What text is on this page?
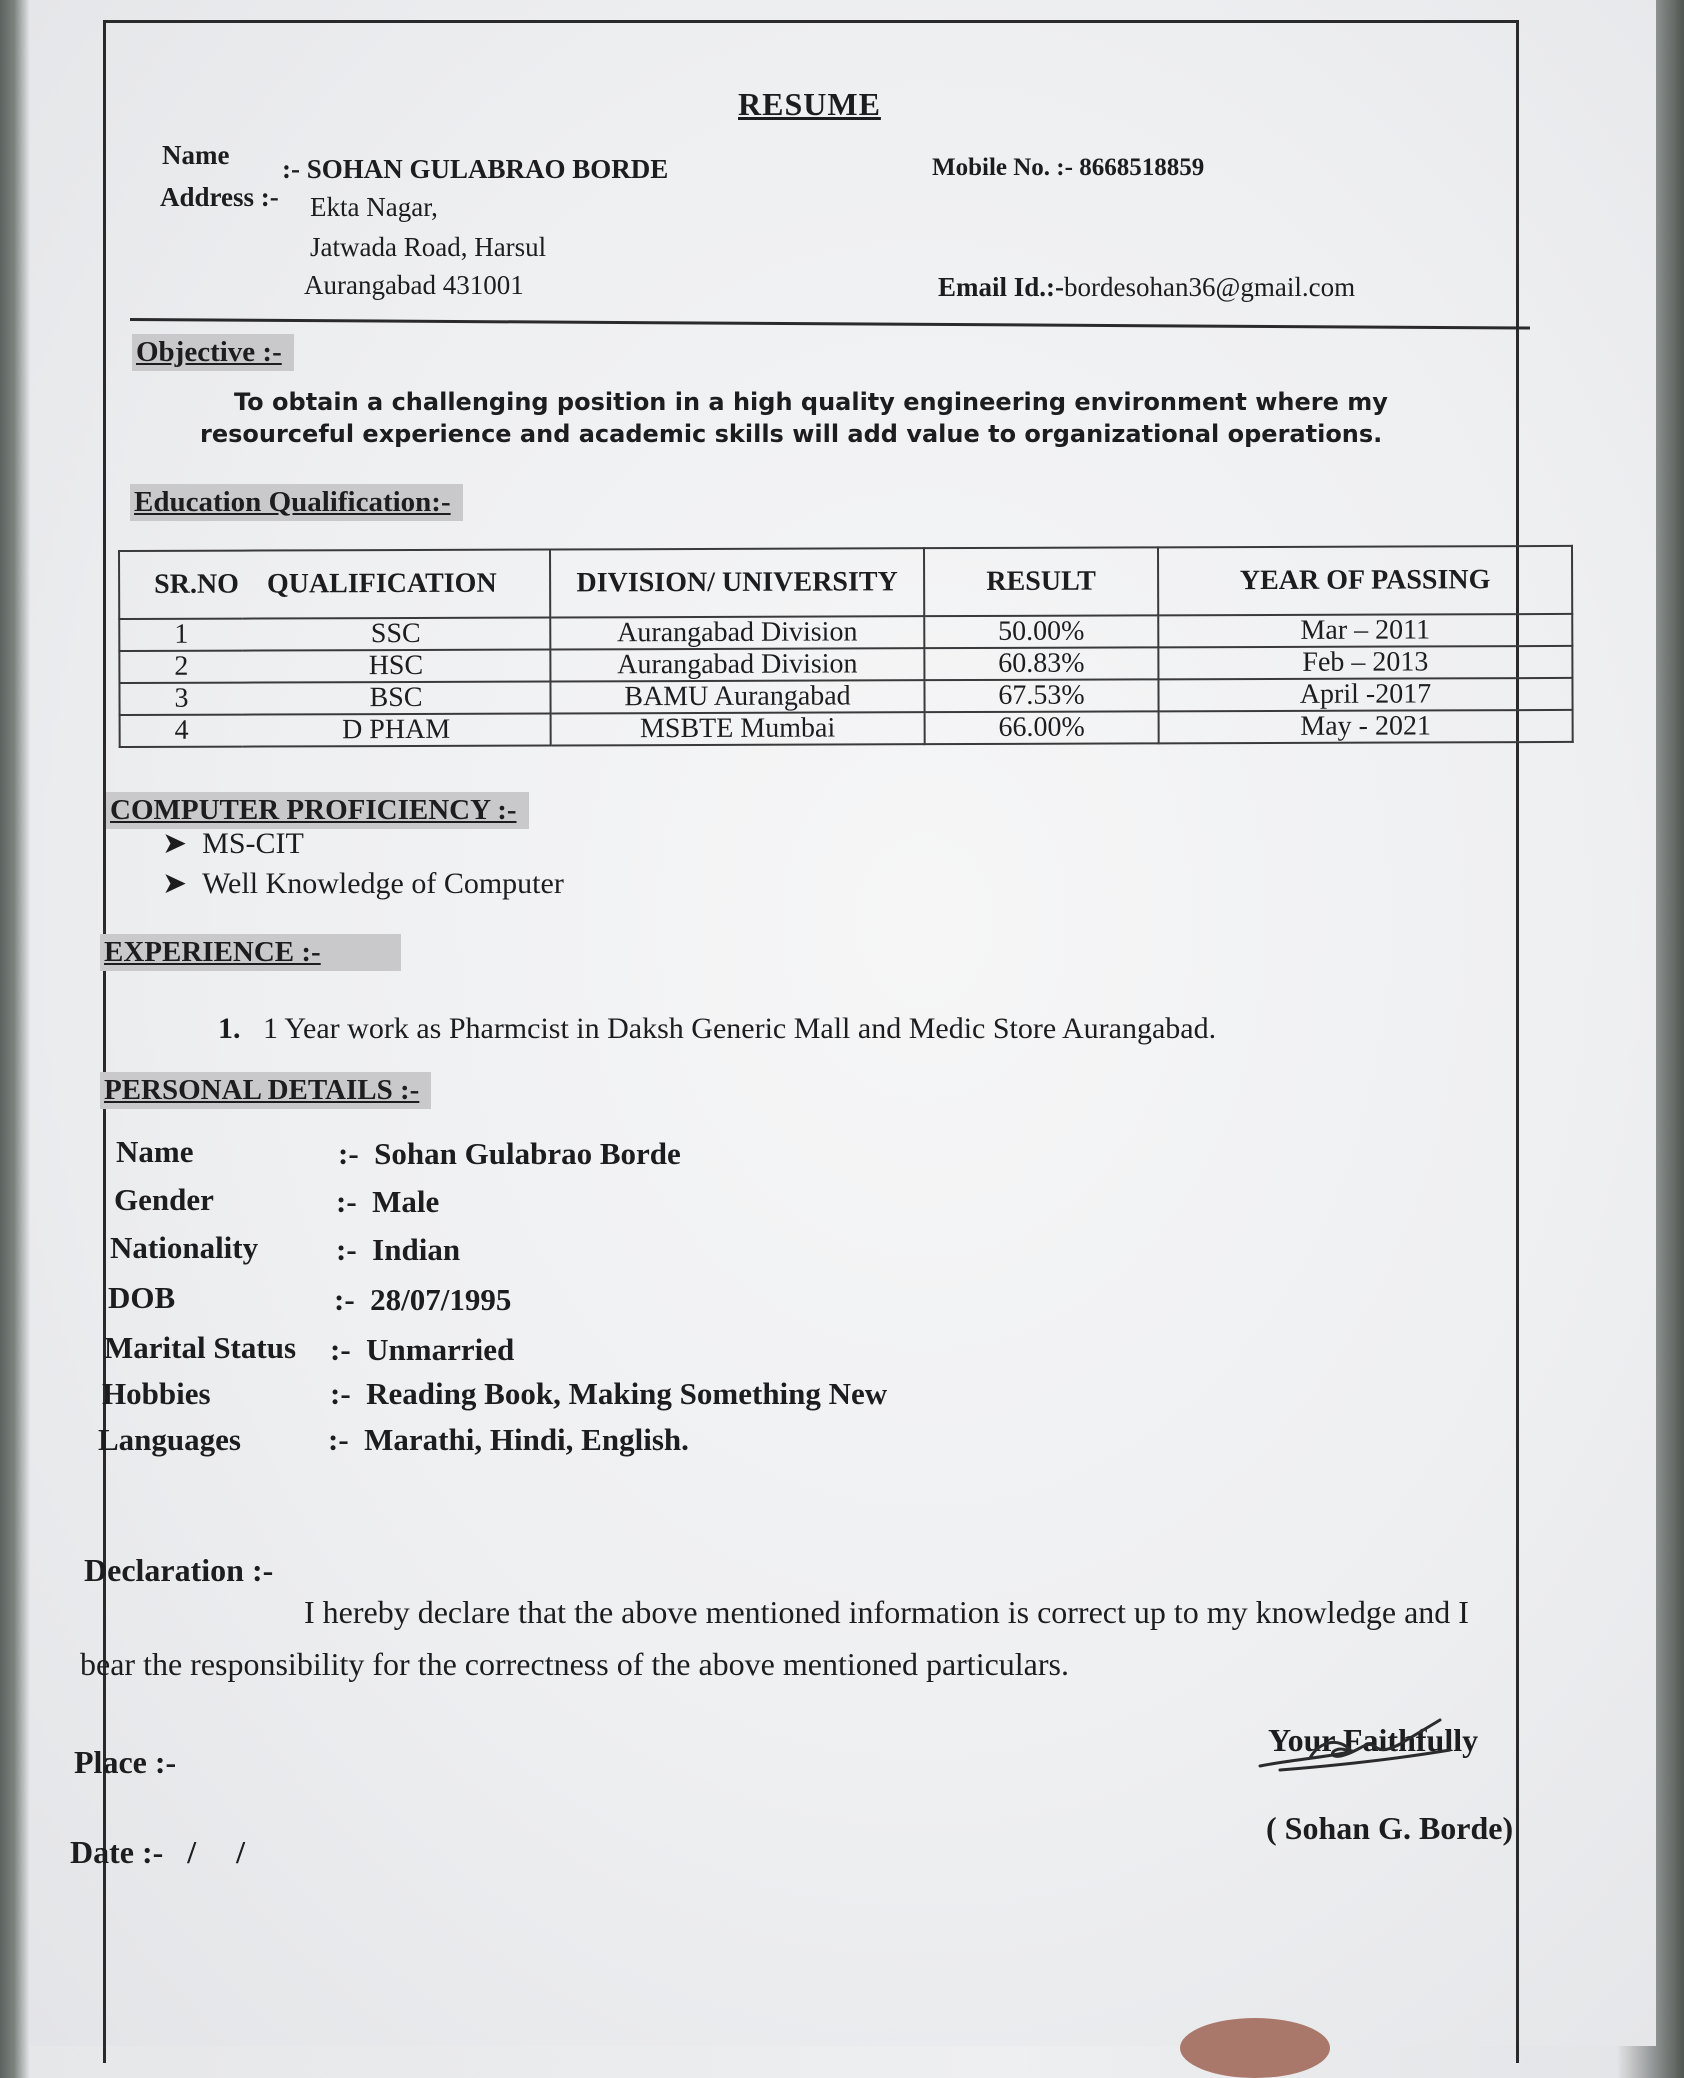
RESUME
Name :- SOHAN GULABRAO BORDE	Mobile No. :- 8668518859
Address :- Ekta Nagar,
Jatwada Road, Harsul
Aurangabad 431001	Email Id.:-bordesohan36@gmail.com
Objective :-
To obtain a challenging position in a high quality engineering environment where my resourceful experience and academic skills will add value to organizational operations.
Education Qualification:-
SR.NO QUALIFICATION		DIVISION/ UNIVERSITY	RESULT	YEAR OF PASSING
1	SSC	Aurangabad Division	50.00%	Mar – 2011
2	HSC	Aurangabad Division	60.83%	Feb – 2013
3	BSC	BAMU Aurangabad	67.53%	April -2017
4	D PHAM	MSBTE Mumbai	66.00%	May - 2021
COMPUTER PROFICIENCY :-
➤ MS-CIT
➤ Well Knowledge of Computer
EXPERIENCE :-
1. 1 Year work as Pharmcist in Daksh Generic Mall and Medic Store Aurangabad.
PERSONAL DETAILS :-
Name	:-  Sohan Gulabrao Borde
Gender	:-  Male
Nationality	:-  Indian
DOB	:-  28/07/1995
Marital Status :-  Unmarried
Hobbies	:-  Reading Book, Making Something New
Languages	:-  Marathi, Hindi, English.
Declaration :-
I hereby declare that the above mentioned information is correct up to my knowledge and I
bear the responsibility for the correctness of the above mentioned particulars.
Place :-
Date :-   /     /
Your Faithfully
( Sohan G. Borde)
